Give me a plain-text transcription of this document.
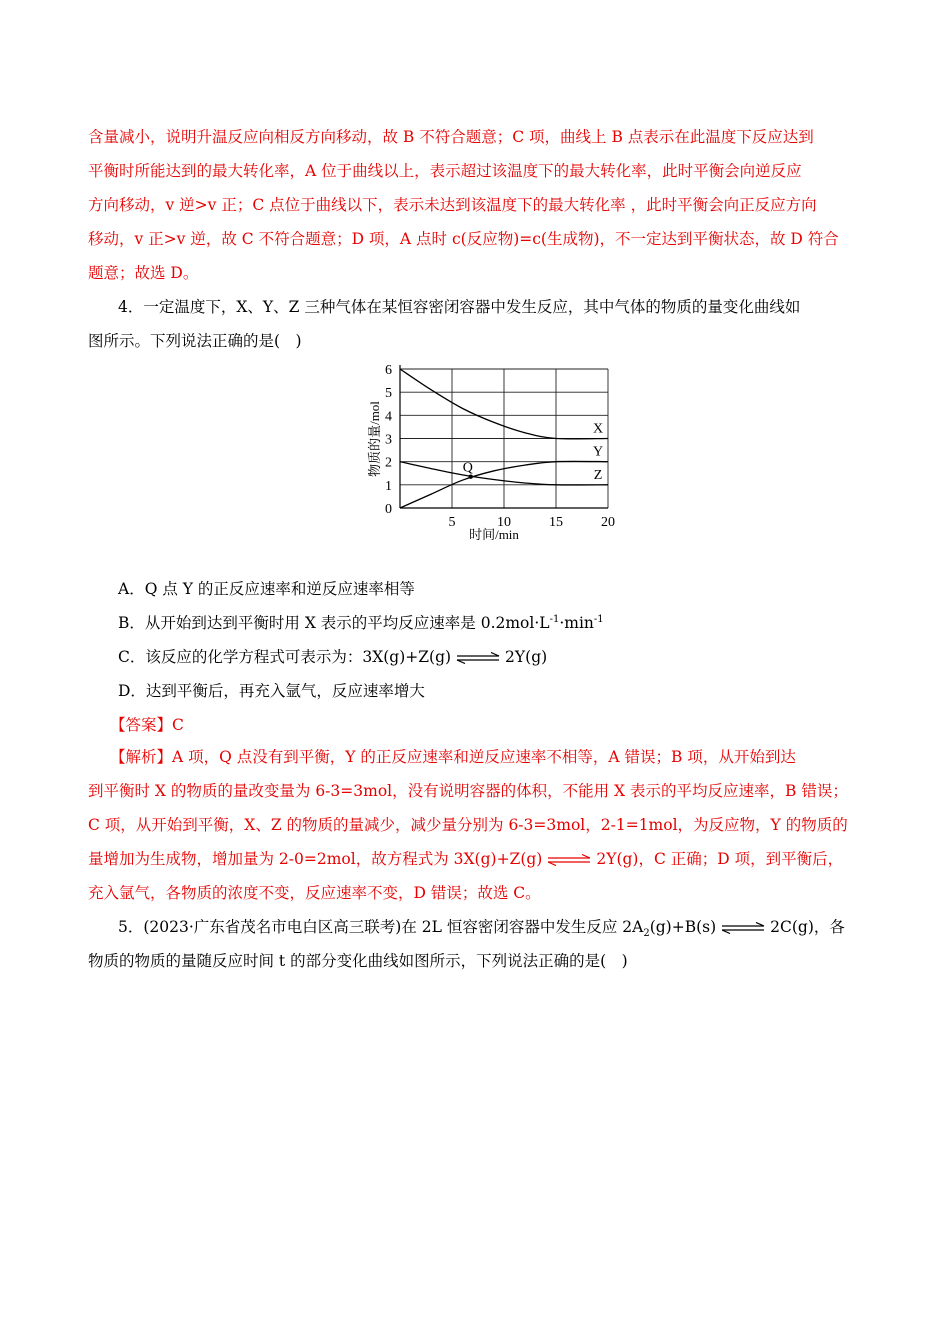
含量减小，说明升温反应向相反方向移动，故 B 不符合题意；C 项，曲线上 B 点表示在此温度下反应达到
平衡时所能达到的最大转化率，A 位于曲线以上，表示超过该温度下的最大转化率，此时平衡会向逆反应
方向移动，v 逆>v 正；C 点位于曲线以下，表示未达到该温度下的最大转化率 ，此时平衡会向正反应方向
移动，v 正>v 逆，故 C 不符合题意；D 项，A 点时 c(反应物)=c(生成物)，不一定达到平衡状态，故 D 符合
题意；故选 D。
4．一定温度下，X、Y、Z 三种气体在某恒容密闭容器中发生反应，其中气体的物质的量变化曲线如
图所示。下列说法正确的是(　)
0
1
2
3
4
5
6
5	10	15	20
X
Y
Z
Q
时间/min
物质的量/mol
A．Q 点 Y 的正反应速率和逆反应速率相等
B．从开始到达到平衡时用 X 表示的平均反应速率是 $0.2mol\cdot L^{-1}\cdot\min^{-1}$
C．该反应的化学方程式可表示为：3X(g)+Z(g) ⇌ 2Y(g)
D．达到平衡后，再充入氩气，反应速率增大
【答案】C
【解析】A 项，Q 点没有到平衡，Y 的正反应速率和逆反应速率不相等，A 错误；B 项，从开始到达
到平衡时 X 的物质的量改变量为 6-3=3mol，没有说明容器的体积，不能用 X 表示的平均反应速率，B 错误；
C 项，从开始到平衡，X、Z 的物质的量减少，减少量分别为 6-3=3mol，2-1=1mol，为反应物，Y 的物质的
量增加为生成物，增加量为 2-0=2mol，故方程式为 3X(g)+Z(g) ⇌ 2Y(g)，C 正确；D 项，到平衡后，
充入氩气，各物质的浓度不变，反应速率不变，D 错误；故选 C。
5．(2023·广东省茂名市电白区高三联考)在 2L 恒容密闭容器中发生反应 $2A_2(g)+B(s)$ ⇌ 2C(g)，各
物质的物质的量随反应时间 t 的部分变化曲线如图所示，下列说法正确的是(　)
